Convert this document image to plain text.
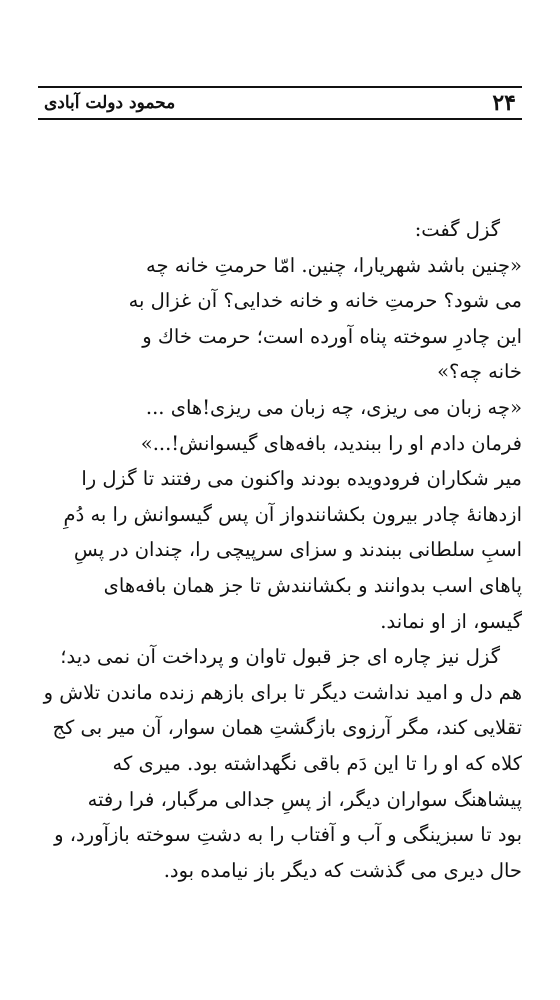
۲۴
محمود دولت آبادی
گزل گفت:
«چنین باشد شهریارا، چنین. امّا حرمتِ خانه چه
می شود؟ حرمتِ خانه و خانه خدایی؟ آن غزال به
این چادرِ سوخته پناه آورده است؛ حرمت خاك و
خانه چه؟»
«چه زبان می ریزی، چه زبان می ریزی!های ...
فرمان دادم او را ببندید، بافه‌های گیسوانش!...»
میر شکاران فرودویده بودند واکنون می رفتند تا گزل را
ازدهانهٔ چادر بیرون بکشانندواز آن پس گیسوانش را به دُمِ
اسبِ سلطانی ببندند و سزای سرپیچی را، چندان در پسِ
پاهای اسب بدوانند و بکشانندش تا جز همان بافه‌های
گیسو، از او نماند.
گزل نیز چاره ای جز قبول تاوان و پرداخت آن نمی دید؛
هم دل و امید نداشت دیگر تا برای بازهم زنده ماندن تلاش و
تقلایی کند، مگر آرزوی بازگشتِ همان سوار، آن میر بی کج
کلاه که او را تا این دَم باقی نگهداشته بود. میری که
پیشاهنگ سواران دیگر، از پسِ جدالی مرگبار، فرا رفته
بود تا سبزینگی و آب و آفتاب را به دشتِ سوخته بازآورد، و
حال دیری می گذشت که دیگر باز نیامده بود.
